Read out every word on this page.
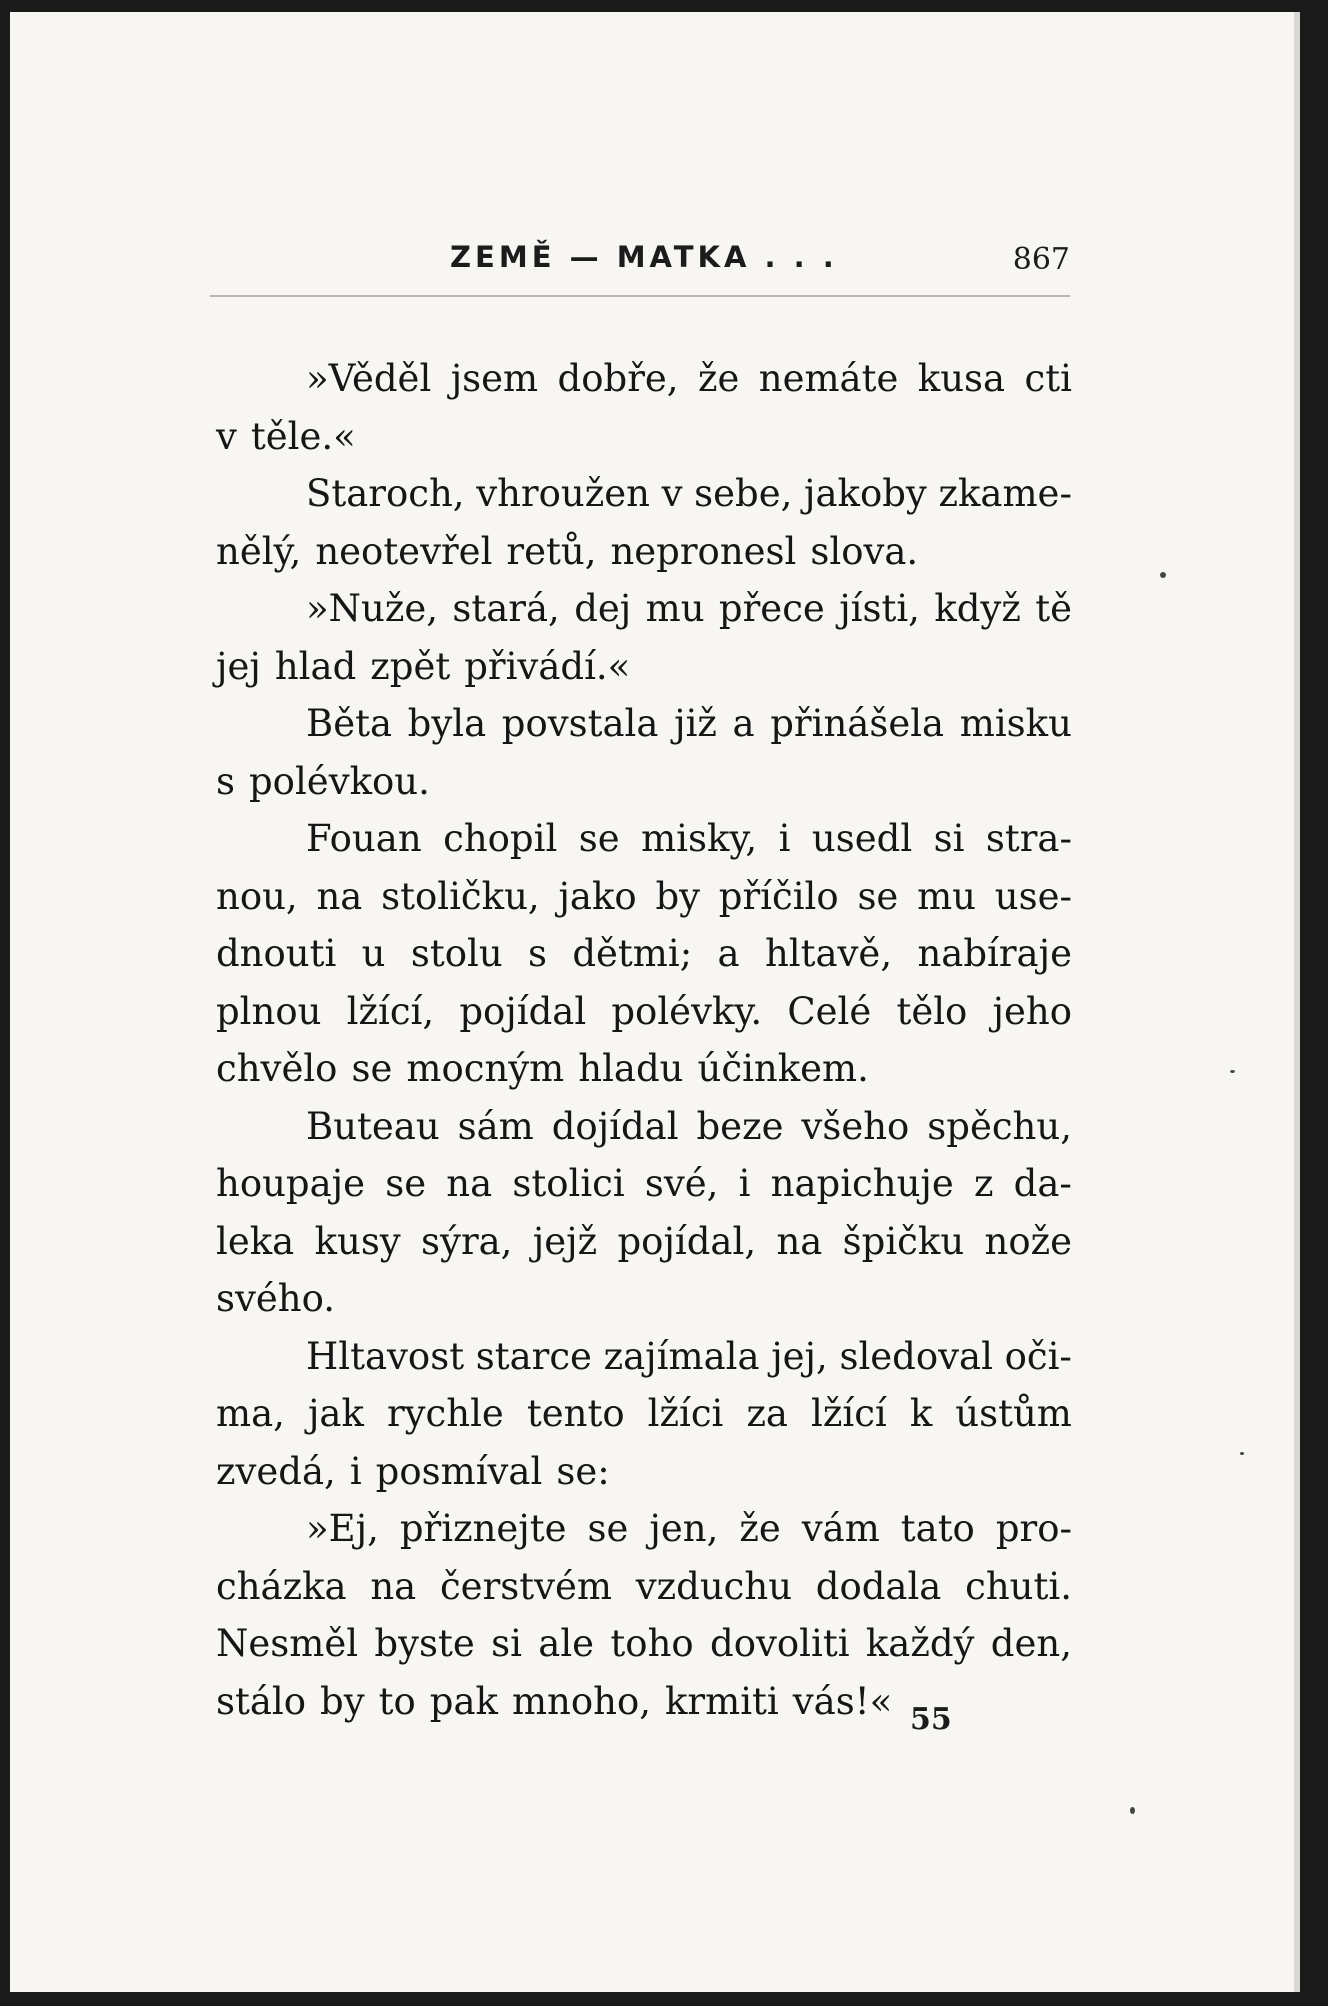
ZEMĚ — MATKA . . .	867
»Věděl jsem dobře, že nemáte kusa cti
v těle.«
Staroch, vhroužen v sebe, jakoby zkame-
nělý, neotevřel retů, nepronesl slova.
»Nuže, stará, dej mu přece jísti, když tě
jej hlad zpět přivádí.«
Běta byla povstala již a přinášela misku
s polévkou.
Fouan chopil se misky, i usedl si stra-
nou, na stoličku, jako by příčilo se mu use-
dnouti u stolu s dětmi; a hltavě, nabíraje
plnou lžící, pojídal polévky. Celé tělo jeho
chvělo se mocným hladu účinkem.
Buteau sám dojídal beze všeho spěchu,
houpaje se na stolici své, i napichuje z da-
leka kusy sýra, jejž pojídal, na špičku nože
svého.
Hltavost starce zajímala jej, sledoval oči-
ma, jak rychle tento lžíci za lžící k ústům
zvedá, i posmíval se:
»Ej, přiznejte se jen, že vám tato pro-
cházka na čerstvém vzduchu dodala chuti.
Nesměl byste si ale toho dovoliti každý den,
stálo by to pak mnoho, krmiti vás!« 55
